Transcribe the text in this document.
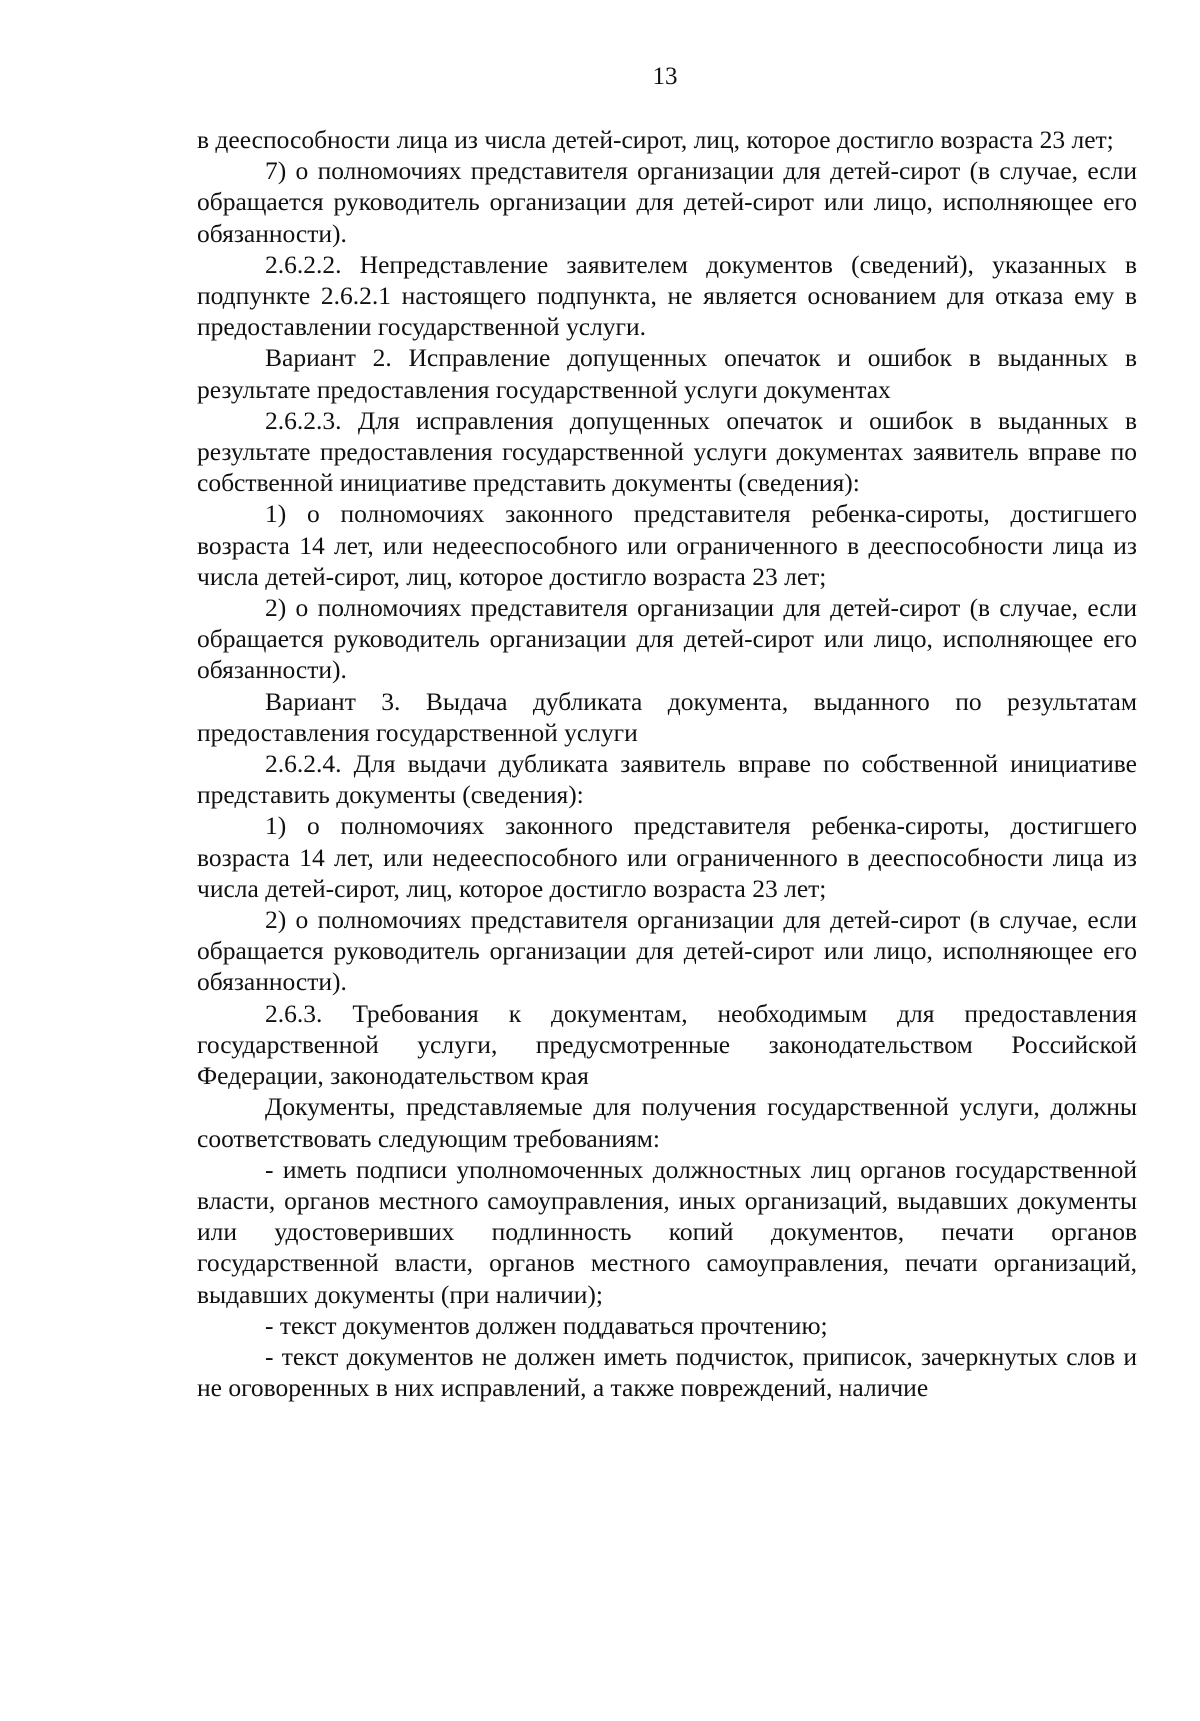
13

в дееспособности лица из числа детей-сирот, лиц, которое достигло возраста 23 лет;

7) о полномочиях представителя организации для детей-сирот (в случае, если обращается руководитель организации для детей-сирот или лицо, исполняющее его обязанности).

2.6.2.2. Непредставление заявителем документов (сведений), указанных в подпункте 2.6.2.1 настоящего подпункта, не является основанием для отказа ему в предоставлении государственной услуги.

Вариант 2. Исправление допущенных опечаток и ошибок в выданных в результате предоставления государственной услуги документах

2.6.2.3. Для исправления допущенных опечаток и ошибок в выданных в результате предоставления государственной услуги документах заявитель вправе по собственной инициативе представить документы (сведения):

1) о полномочиях законного представителя ребенка-сироты, достигшего возраста 14 лет, или недееспособного или ограниченного в дееспособности лица из числа детей-сирот, лиц, которое достигло возраста 23 лет;

2) о полномочиях представителя организации для детей-сирот (в случае, если обращается руководитель организации для детей-сирот или лицо, исполняющее его обязанности).

Вариант 3. Выдача дубликата документа, выданного по результатам предоставления государственной услуги

2.6.2.4. Для выдачи дубликата заявитель вправе по собственной инициативе представить документы (сведения):

1) о полномочиях законного представителя ребенка-сироты, достигшего возраста 14 лет, или недееспособного или ограниченного в дееспособности лица из числа детей-сирот, лиц, которое достигло возраста 23 лет;

2) о полномочиях представителя организации для детей-сирот (в случае, если обращается руководитель организации для детей-сирот или лицо, исполняющее его обязанности).

2.6.3. Требования к документам, необходимым для предоставления государственной услуги, предусмотренные законодательством Российской Федерации, законодательством края

Документы, представляемые для получения государственной услуги, должны соответствовать следующим требованиям:

- иметь подписи уполномоченных должностных лиц органов государственной власти, органов местного самоуправления, иных организаций, выдавших документы или удостоверивших подлинность копий документов, печати органов государственной власти, органов местного самоуправления, печати организаций, выдавших документы (при наличии);

- текст документов должен поддаваться прочтению;

- текст документов не должен иметь подчисток, приписок, зачеркнутых слов и не оговоренных в них исправлений, а также повреждений, наличие
